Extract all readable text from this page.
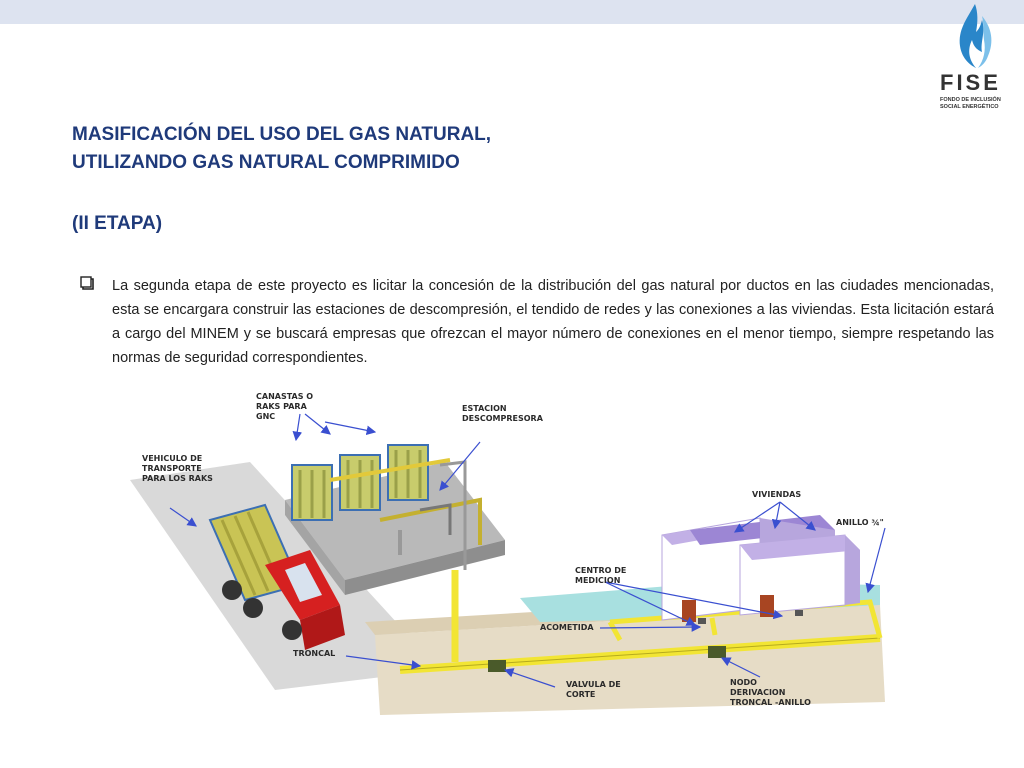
FISE
FONDO DE INCLUSIÓN
SOCIAL ENERGÉTICO
MASIFICACIÓN DEL USO DEL GAS NATURAL,
UTILIZANDO GAS NATURAL COMPRIMIDO
(II ETAPA)
La segunda etapa de este proyecto es licitar la concesión de la distribución del gas natural por ductos en las ciudades mencionadas, esta se encargara construir las estaciones de descompresión, el tendido de redes y las conexiones a las viviendas. Esta licitación estará a cargo del MINEM y se buscará empresas que ofrezcan el mayor número de conexiones en el menor tiempo, siempre respetando las normas de seguridad correspondientes.
CANASTAS O
RAKS PARA
GNC
ESTACION
DESCOMPRESORA
VEHICULO DE
TRANSPORTE
PARA LOS RAKS
VIVIENDAS
ANILLO ¾"
CENTRO DE
MEDICION
ACOMETIDA
TRONCAL
VALVULA DE
CORTE
NODO
DERIVACION
TRONCAL -ANILLO
